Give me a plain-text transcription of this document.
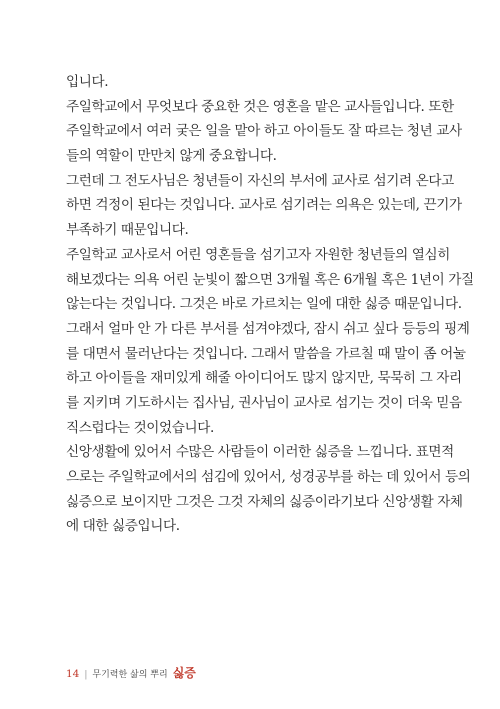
입니다.
주일학교에서 무엇보다 중요한 것은 영혼을 맡은 교사들입니다. 또한
주일학교에서 여러 궂은 일을 맡아 하고 아이들도 잘 따르는 청년 교사
들의 역할이 만만치 않게 중요합니다.
그런데 그 전도사님은 청년들이 자신의 부서에 교사로 섬기려 온다고
하면 걱정이 된다는 것입니다. 교사로 섬기려는 의욕은 있는데, 끈기가
부족하기 때문입니다.
주일학교 교사로서 어린 영혼들을 섬기고자 자원한 청년들의 열심히
해보겠다는 의욕 어린 눈빛이 짧으면 3개월 혹은 6개월 혹은 1년이 가질
않는다는 것입니다. 그것은 바로 가르치는 일에 대한 싫증 때문입니다.
그래서 얼마 안 가 다른 부서를 섬겨야겠다, 잠시 쉬고 싶다 등등의 핑계
를 대면서 물러난다는 것입니다. 그래서 말씀을 가르칠 때 말이 좀 어눌
하고 아이들을 재미있게 해줄 아이디어도 많지 않지만, 묵묵히 그 자리
를 지키며 기도하시는 집사님, 권사님이 교사로 섬기는 것이 더욱 믿음
직스럽다는 것이었습니다.
신앙생활에 있어서 수많은 사람들이 이러한 싫증을 느낍니다. 표면적
으로는 주일학교에서의 섬김에 있어서, 성경공부를 하는 데 있어서 등의
싫증으로 보이지만 그것은 그것 자체의 싫증이라기보다 신앙생활 자체
에 대한 싫증입니다.
14 | 무기력한 삶의 뿌리 싫증
